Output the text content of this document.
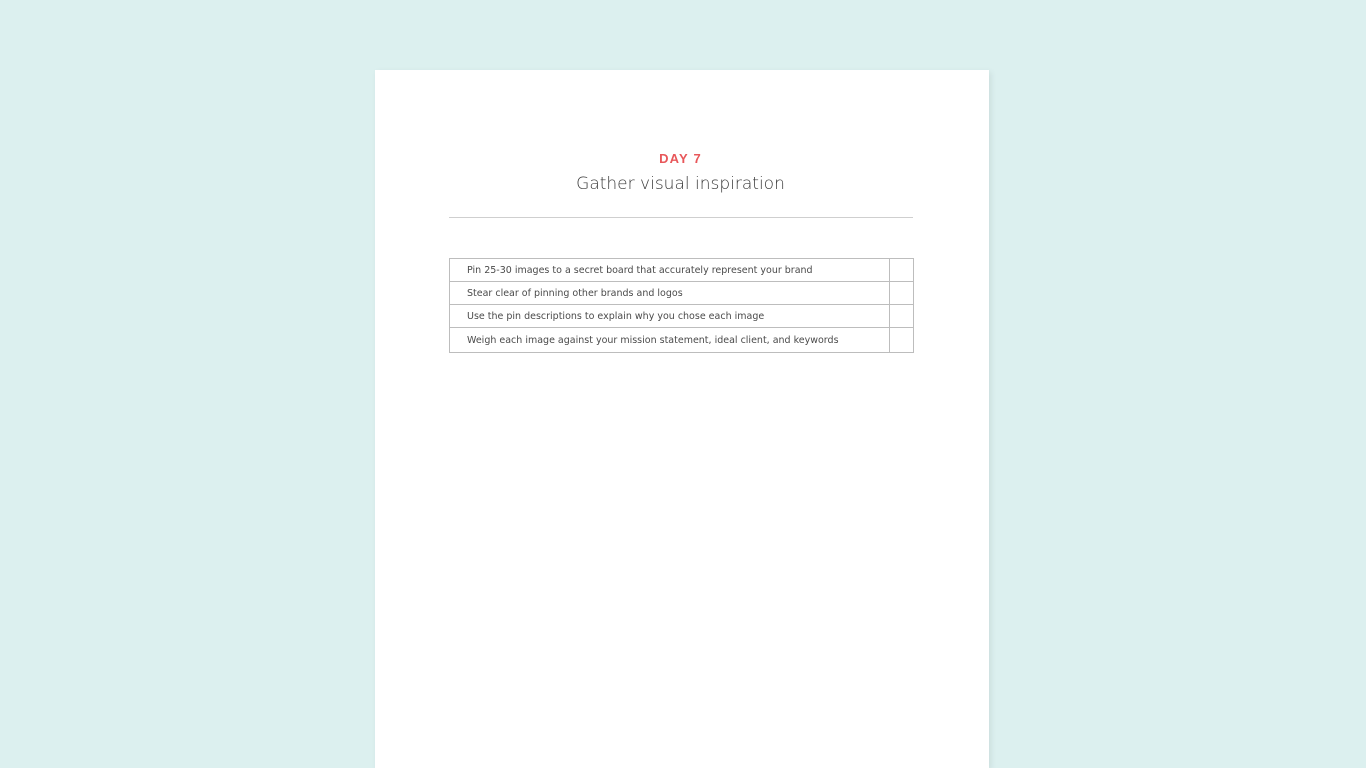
DAY 7
Gather visual inspiration
Pin 25-30 images to a secret board that accurately represent your brand	
Stear clear of pinning other brands and logos	
Use the pin descriptions to explain why you chose each image	
Weigh each image against your mission statement, ideal client, and keywords	
